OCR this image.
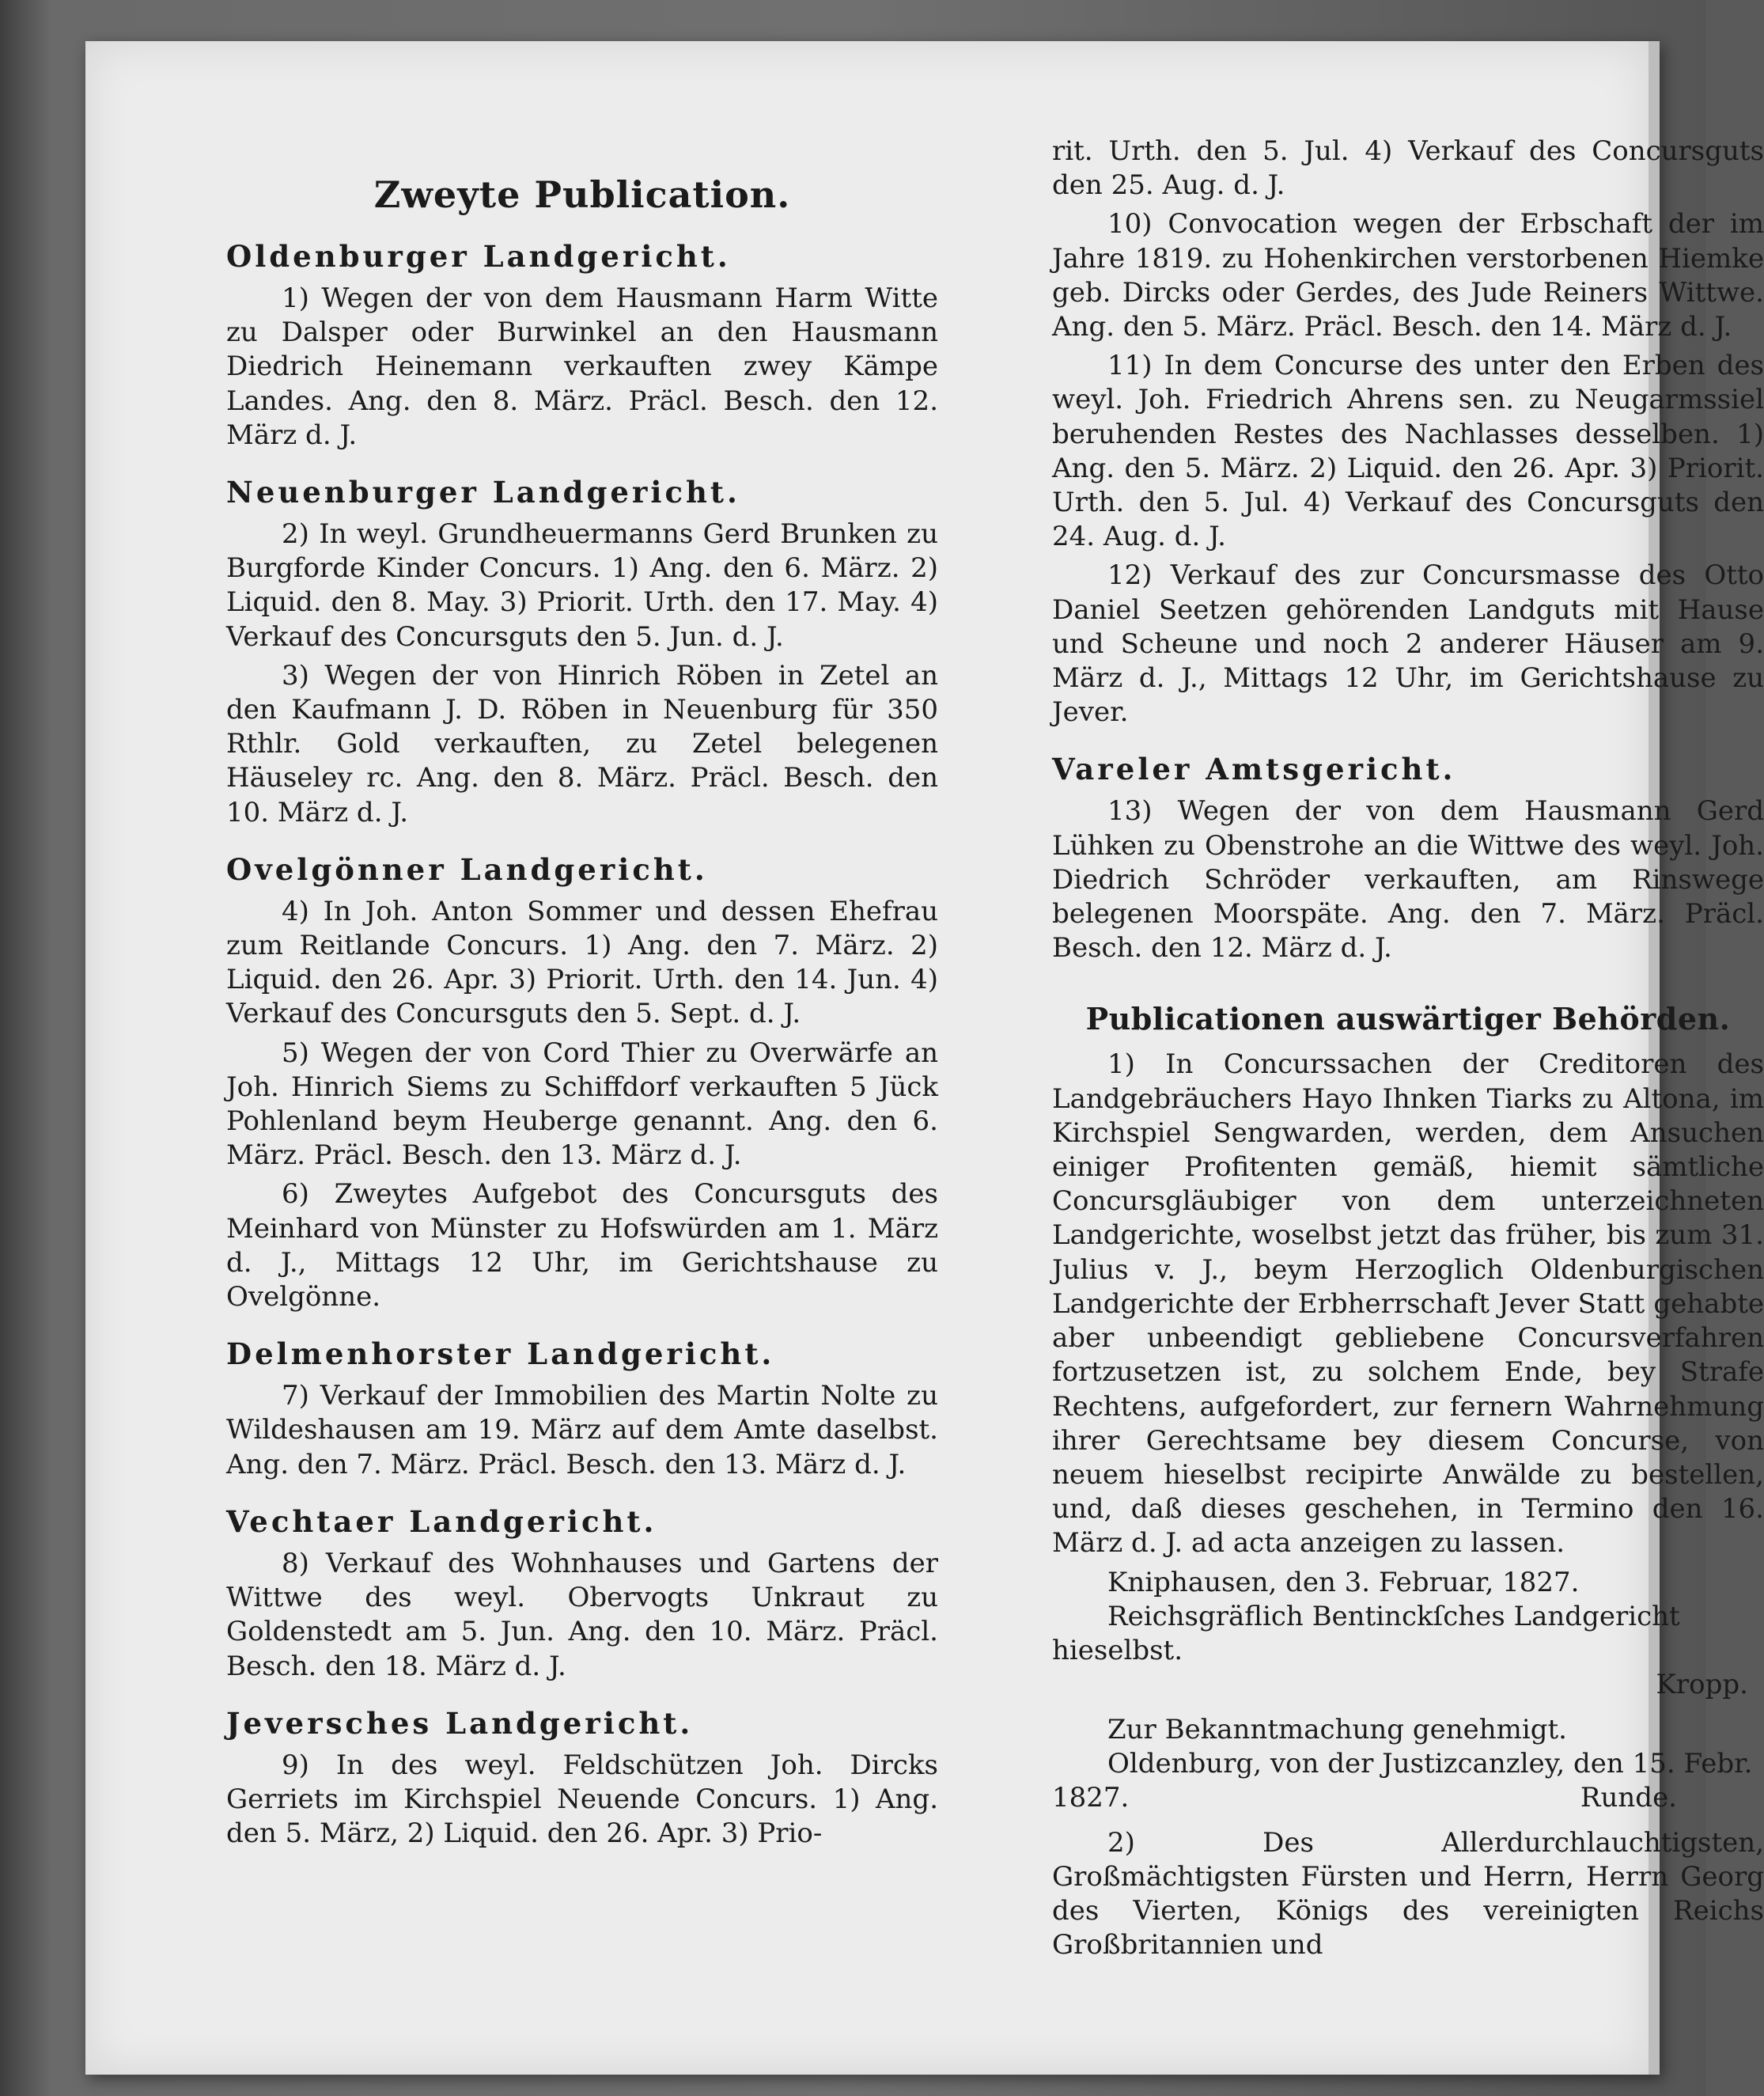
Zweyte Publication.
Oldenburger Landgericht.

1) Wegen der von dem Hausmann Harm Witte zu Dalsper oder Burwinkel an den Hausmann Diedrich Heinemann verkauften zwey Kämpe Landes. Ang. den 8. März. Präcl. Besch. den 12. März d. J.

Neuenburger Landgericht.

2) In weyl. Grundheuermanns Gerd Brunken zu Burgforde Kinder Concurs. 1) Ang. den 6. März. 2) Liquid. den 8. May. 3) Priorit. Urth. den 17. May. 4) Verkauf des Concursguts den 5. Jun. d. J.

3) Wegen der von Hinrich Röben in Zetel an den Kaufmann J. D. Röben in Neuenburg für 350 Rthlr. Gold verkauften, zu Zetel belegenen Häuseley rc. Ang. den 8. März. Präcl. Besch. den 10. März d. J.

Ovelgönner Landgericht.

4) In Joh. Anton Sommer und dessen Ehefrau zum Reitlande Concurs. 1) Ang. den 7. März. 2) Liquid. den 26. Apr. 3) Priorit. Urth. den 14. Jun. 4) Verkauf des Concursguts den 5. Sept. d. J.

5) Wegen der von Cord Thier zu Overwärfe an Joh. Hinrich Siems zu Schiffdorf verkauften 5 Jück Pohlenland beym Heuberge genannt. Ang. den 6. März. Präcl. Besch. den 13. März d. J.

6) Zweytes Aufgebot des Concursguts des Meinhard von Münster zu Hofswürden am 1. März d. J., Mittags 12 Uhr, im Gerichtshause zu Ovelgönne.

Delmenhorster Landgericht.

7) Verkauf der Immobilien des Martin Nolte zu Wildeshausen am 19. März auf dem Amte daselbst. Ang. den 7. März. Präcl. Besch. den 13. März d. J.

Vechtaer Landgericht.

8) Verkauf des Wohnhauses und Gartens der Wittwe des weyl. Obervogts Unkraut zu Goldenstedt am 5. Jun. Ang. den 10. März. Präcl. Besch. den 18. März d. J.

Jeversches Landgericht.

9) In des weyl. Feldschützen Joh. Dircks Gerriets im Kirchspiel Neuende Concurs. 1) Ang. den 5. März, 2) Liquid. den 26. Apr. 3) Prio-

rit. Urth. den 5. Jul. 4) Verkauf des Concursguts den 25. Aug. d. J.

10) Convocation wegen der Erbschaft der im Jahre 1819. zu Hohenkirchen verstorbenen Hiemke geb. Dircks oder Gerdes, des Jude Reiners Wittwe. Ang. den 5. März. Präcl. Besch. den 14. März d. J.

11) In dem Concurse des unter den Erben des weyl. Joh. Friedrich Ahrens sen. zu Neugarmssiel beruhenden Restes des Nachlasses desselben. 1) Ang. den 5. März. 2) Liquid. den 26. Apr. 3) Priorit. Urth. den 5. Jul. 4) Verkauf des Concursguts den 24. Aug. d. J.

12) Verkauf des zur Concursmasse des Otto Daniel Seetzen gehörenden Landguts mit Hause und Scheune und noch 2 anderer Häuser am 9. März d. J., Mittags 12 Uhr, im Gerichtshause zu Jever.

Vareler Amtsgericht.

13) Wegen der von dem Hausmann Gerd Lühken zu Obenstrohe an die Wittwe des weyl. Joh. Diedrich Schröder verkauften, am Rinswege belegenen Moorspäte. Ang. den 7. März. Präcl. Besch. den 12. März d. J.

Publicationen auswärtiger Behörden.

1) In Concurssachen der Creditoren des Landgebräuchers Hayo Ihnken Tiarks zu Altona, im Kirchspiel Sengwarden, werden, dem Ansuchen einiger Profitenten gemäß, hiemit sämtliche Concursgläubiger von dem unterzeichneten Landgerichte, woselbst jetzt das früher, bis zum 31. Julius v. J., beym Herzoglich Oldenburgischen Landgerichte der Erbherrschaft Jever Statt gehabte aber unbeendigt gebliebene Concursverfahren fortzusetzen ist, zu solchem Ende, bey Strafe Rechtens, aufgefordert, zur fernern Wahrnehmung ihrer Gerechtsame bey diesem Concurse, von neuem hieselbst recipirte Anwälde zu bestellen, und, daß dieses geschehen, in Termino den 16. März d. J. ad acta anzeigen zu lassen.

Kniphausen, den 3. Februar, 1827.
Reichsgräflich Bentinckſches Landgericht hieselbst.
Kropp.
Zur Bekanntmachung genehmigt.
Oldenburg, von der Justizcanzley, den 15. Febr.
1827.	Runde.

2) Des Allerdurchlauchtigsten, Großmächtigsten Fürsten und Herrn, Herrn Georg des Vierten, Königs des vereinigten Reichs Großbritannien und
